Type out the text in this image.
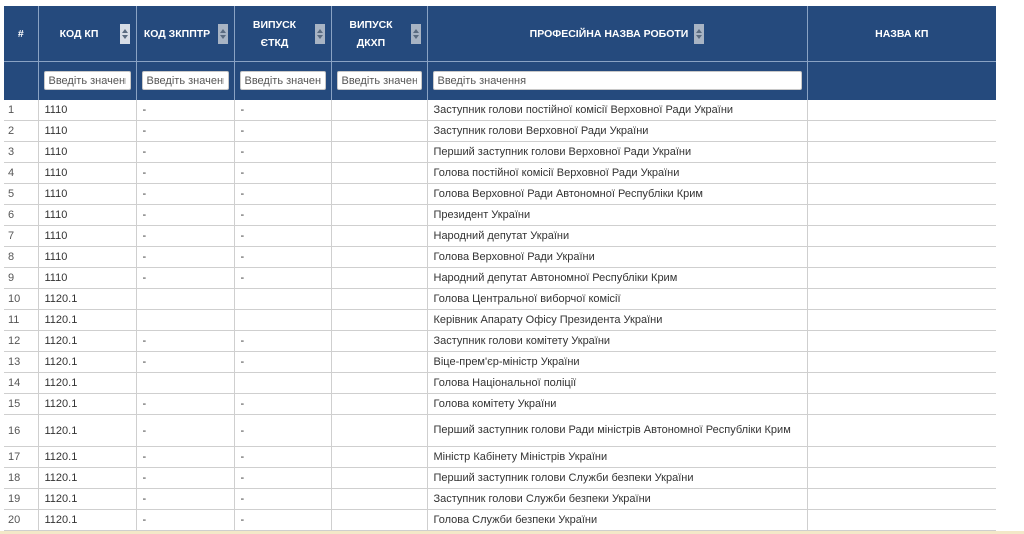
#	КОД КП	КОД ЗКППТР	ВИПУСК ЄТКД	ВИПУСК ДКХП	ПРОФЕСІЙНА НАЗВА РОБОТИ	НАЗВА КП

	ВВЕДІТЬ ЗНАЧЕНН	ВВЕДІТЬ ЗНАЧЕНН	ВВЕДІТЬ ЗНАЧЕНН	ВВЕДІТЬ ЗНАЧЕНН	ВВЕДІТЬ ЗНАЧЕННЯ	
1	1110	-	-		Заступник голови постійної комісії Верховної Ради України	
2	1110	-	-		Заступник голови Верховної Ради України	
3	1110	-	-		Перший заступник голови Верховної Ради України	
4	1110	-	-		Голова постійної комісії Верховної Ради України	
5	1110	-	-		Голова Верховної Ради Автономної Республіки Крим	
6	1110	-	-		Президент України	
7	1110	-	-		Народний депутат України	
8	1110	-	-		Голова Верховної Ради України	
9	1110	-	-		Народний депутат Автономної Республіки Крим	
10	1120.1				Голова Центральної виборчої комісії	
11	1120.1				Керівник Апарату Офісу Президента України	
12	1120.1	-	-		Заступник голови комітету України	
13	1120.1	-	-		Віце-прем'єр-міністр України	
14	1120.1				Голова Національної поліції	
15	1120.1	-	-		Голова комітету України	
16	1120.1	-	-		Перший заступник голови Ради міністрів Автономної Республіки Крим	
17	1120.1	-	-		Міністр Кабінету Міністрів України	
18	1120.1	-	-		Перший заступник голови Служби безпеки України	
19	1120.1	-	-		Заступник голови Служби безпеки України	
20	1120.1	-	-		Голова Служби безпеки України	
